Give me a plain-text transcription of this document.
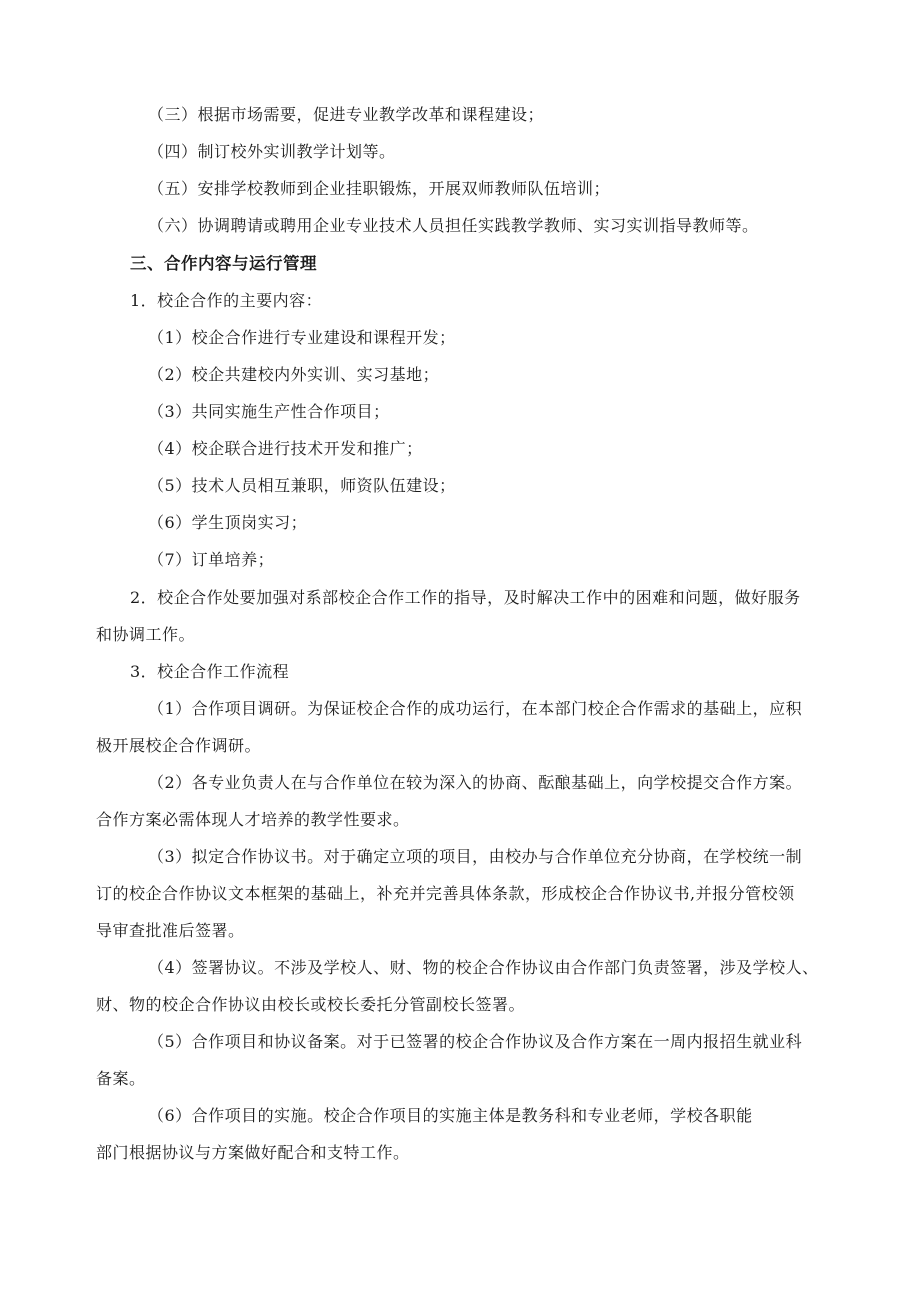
（三）根据市场需要，促进专业教学改革和课程建设；
（四）制订校外实训教学计划等。
（五）安排学校教师到企业挂职锻炼，开展双师教师队伍培训；
（六）协调聘请或聘用企业专业技术人员担任实践教学教师、实习实训指导教师等。
三、合作内容与运行管理
1．校企合作的主要内容：
（1）校企合作进行专业建设和课程开发；
（2）校企共建校内外实训、实习基地；
（3）共同实施生产性合作项目；
（4）校企联合进行技术开发和推广；
（5）技术人员相互兼职，师资队伍建设；
（6）学生顶岗实习；
（7）订单培养；
2．校企合作处要加强对系部校企合作工作的指导，及时解决工作中的困难和问题，做好服务
和协调工作。
3．校企合作工作流程
（1）合作项目调研。为保证校企合作的成功运行，在本部门校企合作需求的基础上，应积
极开展校企合作调研。
（2）各专业负责人在与合作单位在较为深入的协商、酝酿基础上，向学校提交合作方案。
合作方案必需体现人才培养的教学性要求。
（3）拟定合作协议书。对于确定立项的项目，由校办与合作单位充分协商，在学校统一制
订的校企合作协议文本框架的基础上，补充并完善具体条款，形成校企合作协议书,并报分管校领
导审查批准后签署。
（4）签署协议。不涉及学校人、财、物的校企合作协议由合作部门负责签署，涉及学校人、
财、物的校企合作协议由校长或校长委托分管副校长签署。
（5）合作项目和协议备案。对于已签署的校企合作协议及合作方案在一周内报招生就业科
备案。
（6）合作项目的实施。校企合作项目的实施主体是教务科和专业老师，学校各职能
部门根据协议与方案做好配合和支特工作。
